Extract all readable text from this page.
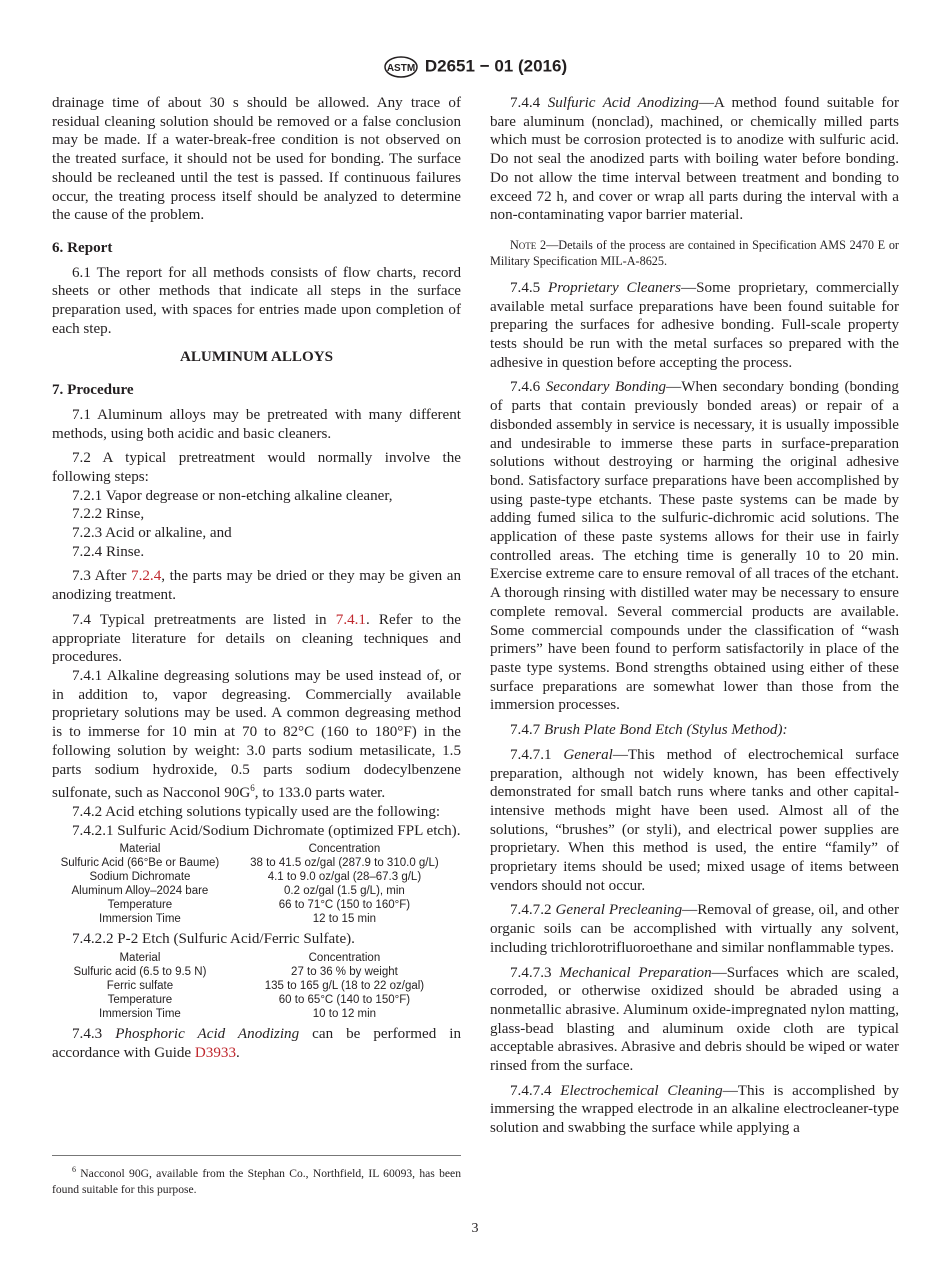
ASTM D2651 − 01 (2016)

drainage time of about 30 s should be allowed. Any trace of residual cleaning solution should be removed or a false conclusion may be made. If a water-break-free condition is not observed on the treated surface, it should not be used for bonding. The surface should be recleaned until the test is passed. If continuous failures occur, the treating process itself should be analyzed to determine the cause of the problem.

6. Report

6.1 The report for all methods consists of flow charts, record sheets or other methods that indicate all steps in the surface preparation used, with spaces for entries made upon completion of each step.

ALUMINUM ALLOYS
7. Procedure

7.1 Aluminum alloys may be pretreated with many different methods, using both acidic and basic cleaners.

7.2 A typical pretreatment would normally involve the following steps:

7.2.1 Vapor degrease or non-etching alkaline cleaner,

7.2.2 Rinse,

7.2.3 Acid or alkaline, and

7.2.4 Rinse.

7.3 After 7.2.4, the parts may be dried or they may be given an anodizing treatment.

7.4 Typical pretreatments are listed in 7.4.1. Refer to the appropriate literature for details on cleaning techniques and procedures.

7.4.1 Alkaline degreasing solutions may be used instead of, or in addition to, vapor degreasing. Commercially available proprietary solutions may be used. A common degreasing method is to immerse for 10 min at 70 to 82°C (160 to 180°F) in the following solution by weight: 3.0 parts sodium metasilicate, 1.5 parts sodium hydroxide, 0.5 parts sodium dodecylbenzene sulfonate, such as Nacconol $90G^6$, to 133.0 parts water.

7.4.2 Acid etching solutions typically used are the following:

7.4.2.1 Sulfuric Acid/Sodium Dichromate (optimized FPL etch).

Material	Concentration
Sulfuric Acid (66°Be or Baume)	38 to 41.5 oz/gal (287.9 to 310.0 g/L)
Sodium Dichromate	4.1 to 9.0 oz/gal (28–67.3 g/L)
Aluminum Alloy–2024 bare	0.2 oz/gal (1.5 g/L), min
Temperature	66 to 71°C (150 to 160°F)
Immersion Time	12 to 15 min

7.4.2.2 P-2 Etch (Sulfuric Acid/Ferric Sulfate).

Material	Concentration
Sulfuric acid (6.5 to 9.5 N)	27 to 36 % by weight
Ferric sulfate	135 to 165 g/L (18 to 22 oz/gal)
Temperature	60 to 65°C (140 to 150°F)
Immersion Time	10 to 12 min

7.4.3 Phosphoric Acid Anodizing can be performed in accordance with Guide D3933.

$^6$ Nacconol 90G, available from the Stephan Co., Northfield, IL 60093, has been found suitable for this purpose.

7.4.4 Sulfuric Acid Anodizing—A method found suitable for bare aluminum (nonclad), machined, or chemically milled parts which must be corrosion protected is to anodize with sulfuric acid. Do not seal the anodized parts with boiling water before bonding. Do not allow the time interval between treatment and bonding to exceed 72 h, and cover or wrap all parts during the interval with a non-contaminating vapor barrier material.

Note 2—Details of the process are contained in Specification AMS 2470 E or Military Specification MIL-A-8625.

7.4.5 Proprietary Cleaners—Some proprietary, commercially available metal surface preparations have been found suitable for preparing the surfaces for adhesive bonding. Full-scale property tests should be run with the metal surfaces so prepared with the adhesive in question before accepting the process.

7.4.6 Secondary Bonding—When secondary bonding (bonding of parts that contain previously bonded areas) or repair of a disbonded assembly in service is necessary, it is usually impossible and undesirable to immerse these parts in surface-preparation solutions without destroying or harming the original adhesive bond. Satisfactory surface preparations have been accomplished by using paste-type etchants. These paste systems can be made by adding fumed silica to the sulfuric-dichromic acid solutions. The application of these paste systems allows for their use in fairly controlled areas. The etching time is generally 10 to 20 min. Exercise extreme care to ensure removal of all traces of the etchant. A thorough rinsing with distilled water may be necessary to ensure complete removal. Several commercial products are available. Some commercial compounds under the classification of “wash primers” have been found to perform satisfactorily in place of the paste type systems. Bond strengths obtained using either of these surface preparations are somewhat lower than those from the immersion processes.

7.4.7 Brush Plate Bond Etch (Stylus Method):

7.4.7.1 General—This method of electrochemical surface preparation, although not widely known, has been effectively demonstrated for small batch runs where tanks and other capital-intensive methods might have been used. Almost all of the solutions, “brushes” (or styli), and electrical power supplies are proprietary. When this method is used, the entire “family” of proprietary items should be used; mixed usage of items between vendors should not occur.

7.4.7.2 General Precleaning—Removal of grease, oil, and other organic soils can be accomplished with virtually any solvent, including trichlorotrifluoroethane and similar nonflammable types.

7.4.7.3 Mechanical Preparation—Surfaces which are scaled, corroded, or otherwise oxidized should be abraded using a nonmetallic abrasive. Aluminum oxide-impregnated nylon matting, glass-bead blasting and aluminum oxide cloth are typical acceptable abrasives. Abrasive and debris should be wiped or water rinsed from the surface.

7.4.7.4 Electrochemical Cleaning—This is accomplished by immersing the wrapped electrode in an alkaline electrocleaner-type solution and swabbing the surface while applying a

3
